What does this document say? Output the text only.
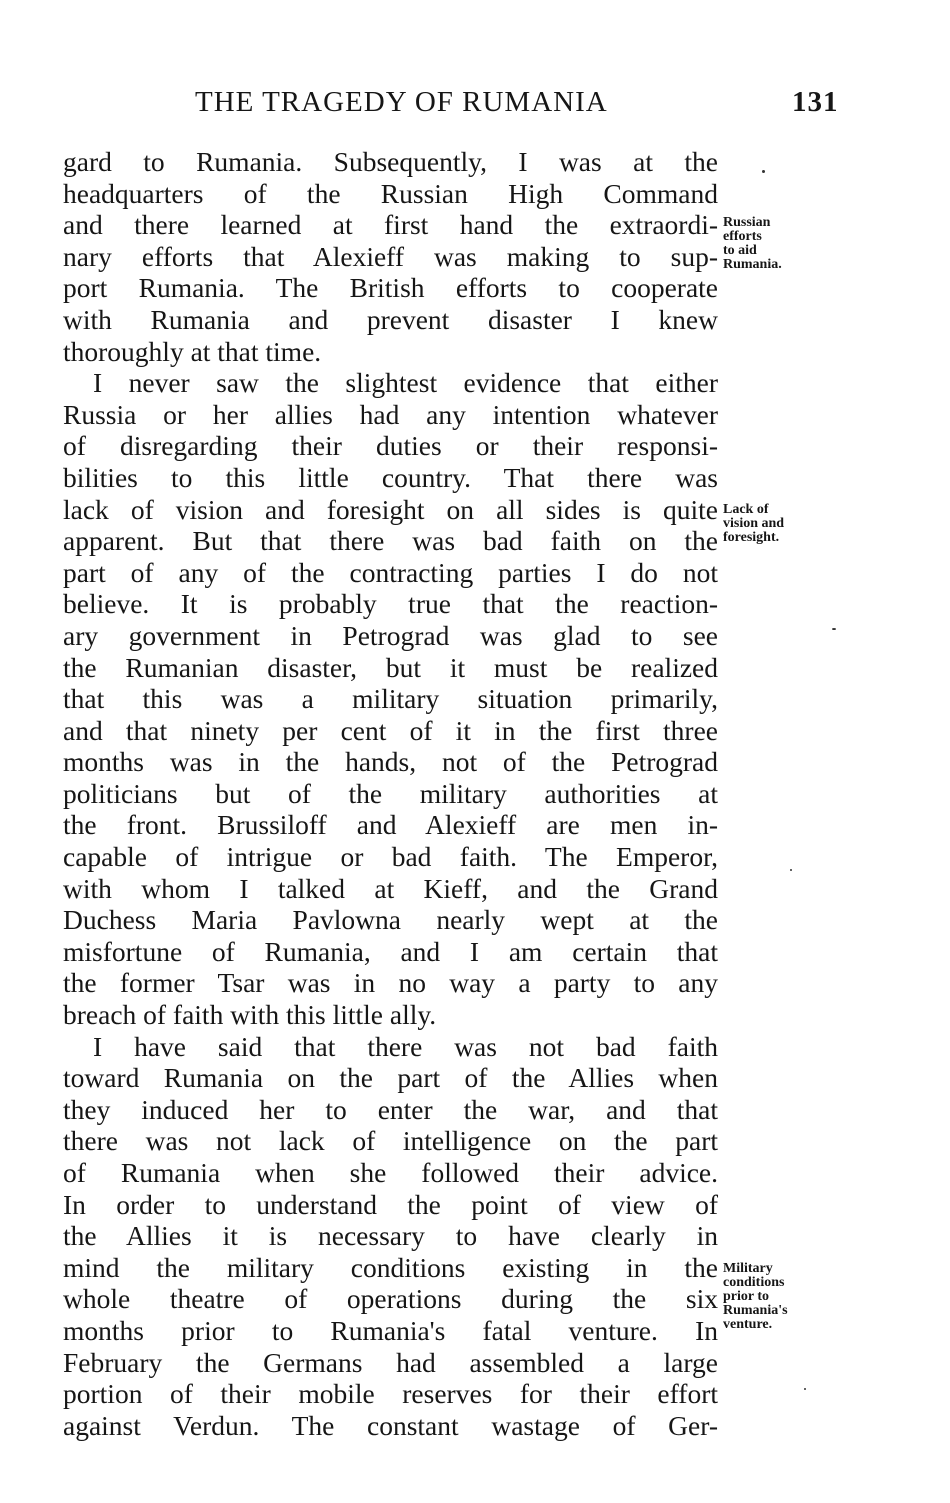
THE TRAGEDY OF RUMANIA	131
gard to Rumania. Subsequently, I was at the
headquarters of the Russian High Command
and there learned at first hand the extraordi-
nary efforts that Alexieff was making to sup-
port Rumania. The British efforts to cooperate
with Rumania and prevent disaster I knew
thoroughly at that time.
I never saw the slightest evidence that either
Russia or her allies had any intention whatever
of disregarding their duties or their responsi-
bilities to this little country. That there was
lack of vision and foresight on all sides is quite
apparent. But that there was bad faith on the
part of any of the contracting parties I do not
believe. It is probably true that the reaction-
ary government in Petrograd was glad to see
the Rumanian disaster, but it must be realized
that this was a military situation primarily,
and that ninety per cent of it in the first three
months was in the hands, not of the Petrograd
politicians but of the military authorities at
the front. Brussiloff and Alexieff are men in-
capable of intrigue or bad faith. The Emperor,
with whom I talked at Kieff, and the Grand
Duchess Maria Pavlowna nearly wept at the
misfortune of Rumania, and I am certain that
the former Tsar was in no way a party to any
breach of faith with this little ally.
I have said that there was not bad faith
toward Rumania on the part of the Allies when
they induced her to enter the war, and that
there was not lack of intelligence on the part
of Rumania when she followed their advice.
In order to understand the point of view of
the Allies it is necessary to have clearly in
mind the military conditions existing in the
whole theatre of operations during the six
months prior to Rumania's fatal venture. In
February the Germans had assembled a large
portion of their mobile reserves for their effort
against Verdun. The constant wastage of Ger-
Russian
efforts
to aid
Rumania.
Lack of
vision and
foresight.
Military
conditions
prior to
Rumania's
venture.
